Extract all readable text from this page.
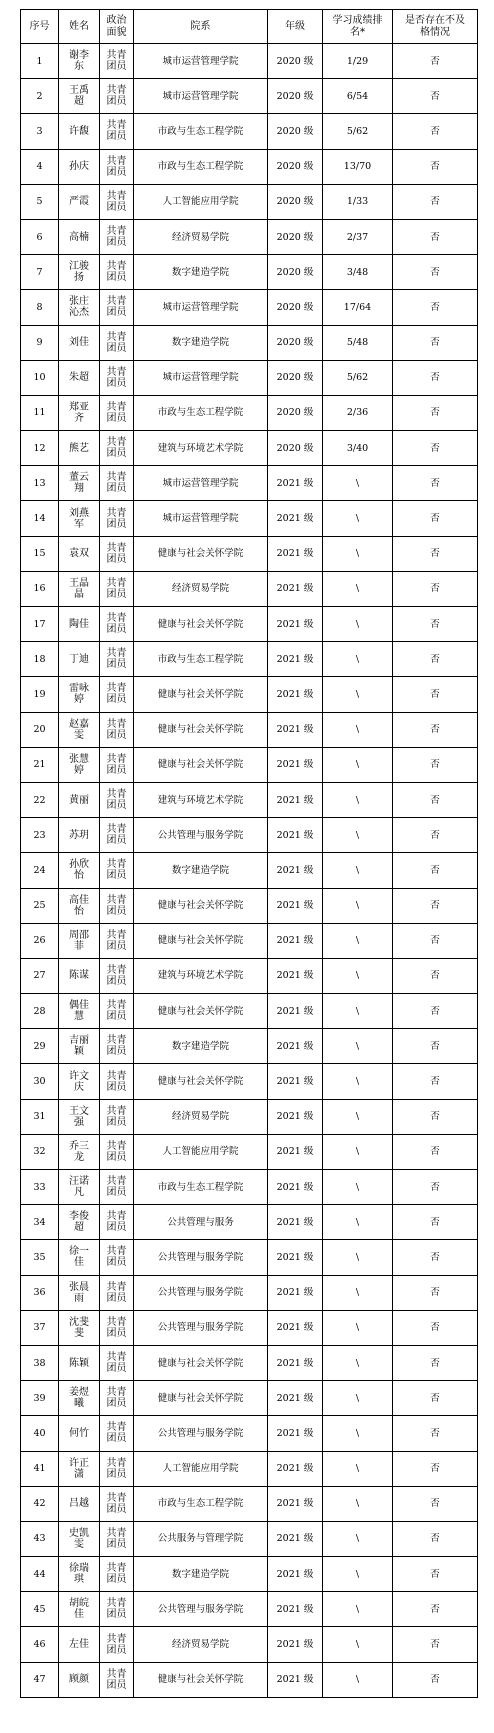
序号	姓名	政治面貌	院系	年级	学习成绩排名*	是否存在不及格情况
1	谢李东	共青团员	城市运营管理学院	2020 级	1/29	否
2	王禹超	共青团员	城市运营管理学院	2020 级	6/54	否
3	许馥	共青团员	市政与生态工程学院	2020 级	5/62	否
4	孙庆	共青团员	市政与生态工程学院	2020 级	13/70	否
5	严霞	共青团员	人工智能应用学院	2020 级	1/33	否
6	高楠	共青团员	经济贸易学院	2020 级	2/37	否
7	江骏扬	共青团员	数字建造学院	2020 级	3/48	否
8	张庄沁杰	共青团员	城市运营管理学院	2020 级	17/64	否
9	刘佳	共青团员	数字建造学院	2020 级	5/48	否
10	朱超	共青团员	城市运营管理学院	2020 级	5/62	否
11	郑亚齐	共青团员	市政与生态工程学院	2020 级	2/36	否
12	熊艺	共青团员	建筑与环境艺术学院	2020 级	3/40	否
13	董云翔	共青团员	城市运营管理学院	2021 级	\	否
14	刘燕军	共青团员	城市运营管理学院	2021 级	\	否
15	袁双	共青团员	健康与社会关怀学院	2021 级	\	否
16	王晶晶	共青团员	经济贸易学院	2021 级	\	否
17	陶佳	共青团员	健康与社会关怀学院	2021 级	\	否
18	丁迪	共青团员	市政与生态工程学院	2021 级	\	否
19	雷咏婷	共青团员	健康与社会关怀学院	2021 级	\	否
20	赵嘉雯	共青团员	健康与社会关怀学院	2021 级	\	否
21	张慧婷	共青团员	健康与社会关怀学院	2021 级	\	否
22	黄丽	共青团员	建筑与环境艺术学院	2021 级	\	否
23	苏玥	共青团员	公共管理与服务学院	2021 级	\	否
24	孙欣怡	共青团员	数字建造学院	2021 级	\	否
25	高佳怡	共青团员	健康与社会关怀学院	2021 级	\	否
26	周邵菲	共青团员	健康与社会关怀学院	2021 级	\	否
27	陈谋	共青团员	建筑与环境艺术学院	2021 级	\	否
28	偶佳慧	共青团员	健康与社会关怀学院	2021 级	\	否
29	吉丽颖	共青团员	数字建造学院	2021 级	\	否
30	许文庆	共青团员	健康与社会关怀学院	2021 级	\	否
31	王文强	共青团员	经济贸易学院	2021 级	\	否
32	乔三龙	共青团员	人工智能应用学院	2021 级	\	否
33	汪诺凡	共青团员	市政与生态工程学院	2021 级	\	否
34	李俊超	共青团员	公共管理与服务	2021 级	\	否
35	徐一佳	共青团员	公共管理与服务学院	2021 级	\	否
36	张晨雨	共青团员	公共管理与服务学院	2021 级	\	否
37	沈斐斐	共青团员	公共管理与服务学院	2021 级	\	否
38	陈颖	共青团员	健康与社会关怀学院	2021 级	\	否
39	姜煜曦	共青团员	健康与社会关怀学院	2021 级	\	否
40	何竹	共青团员	公共管理与服务学院	2021 级	\	否
41	许正潇	共青团员	人工智能应用学院	2021 级	\	否
42	吕越	共青团员	市政与生态工程学院	2021 级	\	否
43	史凯雯	共青团员	公共服务与管理学院	2021 级	\	否
44	徐瑞琪	共青团员	数字建造学院	2021 级	\	否
45	胡皖佳	共青团员	公共管理与服务学院	2021 级	\	否
46	左佳	共青团员	经济贸易学院	2021 级	\	否
47	顾颜	共青团员	健康与社会关怀学院	2021 级	\	否
